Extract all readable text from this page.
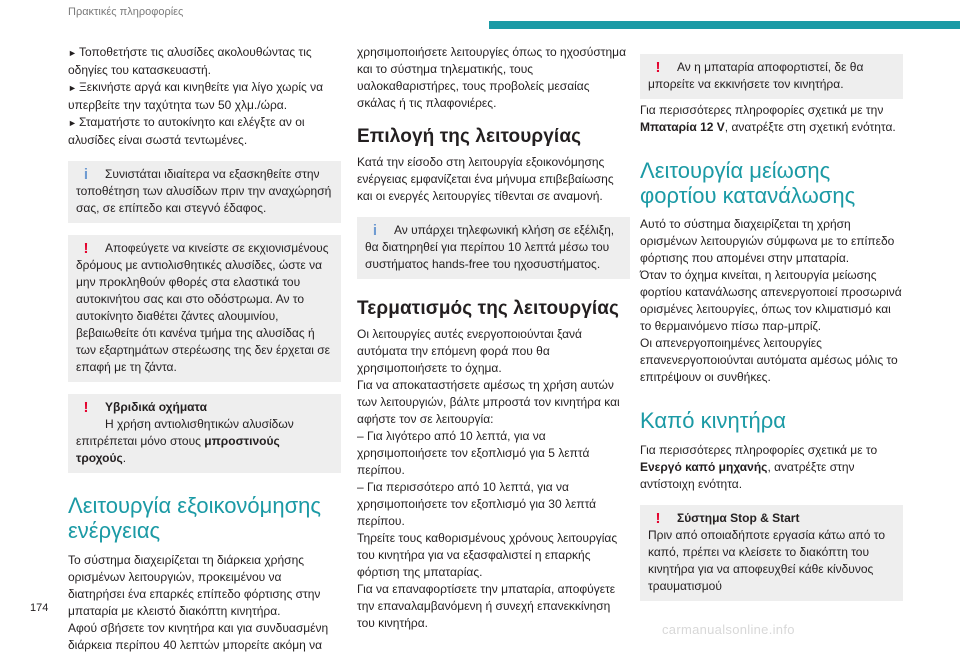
Πρακτικές πληροφορίες

► Τοποθετήστε τις αλυσίδες ακολουθώντας τις οδηγίες του κατασκευαστή.

► Ξεκινήστε αργά και κινηθείτε για λίγο χωρίς να υπερβείτε την ταχύτητα των 50 χλμ./ώρα.

► Σταματήστε το αυτοκίνητο και ελέγξτε αν οι αλυσίδες είναι σωστά τεντωμένες.

i	Συνιστάται ιδιαίτερα να εξασκηθείτε στην τοποθέτηση των αλυσίδων πριν την αναχώρησή σας, σε επίπεδο και στεγνό έδαφος.

!	Αποφεύγετε να κινείστε σε εκχιονισμένους δρόμους με αντιολισθητικές αλυσίδες, ώστε να μην προκληθούν φθορές στα ελαστικά του αυτοκινήτου σας και στο οδόστρωμα. Αν το αυτοκίνητο διαθέτει ζάντες αλουμινίου, βεβαιωθείτε ότι κανένα τμήμα της αλυσίδας ή των εξαρτημάτων στερέωσης της δεν έρχεται σε επαφή με τη ζάντα.

!	Υβριδικά οχήματα

Η χρήση αντιολισθητικών αλυσίδων επιτρέπεται μόνο στους μπροστινούς τροχούς.

Λειτουργία εξοικονόμησης ενέργειας

Το σύστημα διαχειρίζεται τη διάρκεια χρήσης ορισμένων λειτουργιών, προκειμένου να διατηρήσει ένα επαρκές επίπεδο φόρτισης στην μπαταρία με κλειστό διακόπτη κινητήρα.

Αφού σβήσετε τον κινητήρα και για συνδυασμένη διάρκεια περίπου 40 λεπτών μπορείτε ακόμη να

χρησιμοποιήσετε λειτουργίες όπως το ηχοσύστημα και το σύστημα τηλεματικής, τους υαλοκαθαριστήρες, τους προβολείς μεσαίας σκάλας ή τις πλαφονιέρες.

Επιλογή της λειτουργίας

Κατά την είσοδο στη λειτουργία εξοικονόμησης ενέργειας εμφανίζεται ένα μήνυμα επιβεβαίωσης και οι ενεργές λειτουργίες τίθενται σε αναμονή.

i	Αν υπάρχει τηλεφωνική κλήση σε εξέλιξη, θα διατηρηθεί για περίπου 10 λεπτά μέσω του συστήματος hands-free του ηχοσυστήματος.

Τερματισμός της λειτουργίας

Οι λειτουργίες αυτές ενεργοποιούνται ξανά αυτόματα την επόμενη φορά που θα χρησιμοποιήσετε το όχημα.

Για να αποκαταστήσετε αμέσως τη χρήση αυτών των λειτουργιών, βάλτε μπροστά τον κινητήρα και αφήστε τον σε λειτουργία:

– Για λιγότερο από 10 λεπτά, για να χρησιμοποιήσετε τον εξοπλισμό για 5 λεπτά περίπου.

– Για περισσότερο από 10 λεπτά, για να χρησιμοποιήσετε τον εξοπλισμό για 30 λεπτά περίπου.

Τηρείτε τους καθορισμένους χρόνους λειτουργίας του κινητήρα για να εξασφαλιστεί η επαρκής φόρτιση της μπαταρίας.

Για να επαναφορτίσετε την μπαταρία, αποφύγετε την επαναλαμβανόμενη ή συνεχή επανεκκίνηση του κινητήρα.

!	Αν η μπαταρία αποφορτιστεί, δε θα μπορείτε να εκκινήσετε τον κινητήρα.

Για περισσότερες πληροφορίες σχετικά με την Μπαταρία 12 V, ανατρέξτε στη σχετική ενότητα.

Λειτουργία μείωσης φορτίου κατανάλωσης

Αυτό το σύστημα διαχειρίζεται τη χρήση ορισμένων λειτουργιών σύμφωνα με το επίπεδο φόρτισης που απομένει στην μπαταρία.

Όταν το όχημα κινείται, η λειτουργία μείωσης φορτίου κατανάλωσης απενεργοποιεί προσωρινά ορισμένες λειτουργίες, όπως τον κλιματισμό και το θερμαινόμενο πίσω παρ-μπρίζ.

Οι απενεργοποιημένες λειτουργίες επανενεργοποιούνται αυτόματα αμέσως μόλις το επιτρέψουν οι συνθήκες.

Καπό κινητήρα

Για περισσότερες πληροφορίες σχετικά με το Ενεργό καπό μηχανής, ανατρέξτε στην αντίστοιχη ενότητα.

!	Σύστημα Stop & Start

Πριν από οποιαδήποτε εργασία κάτω από το καπό, πρέπει να κλείσετε το διακόπτη του κινητήρα για να αποφευχθεί κάθε κίνδυνος τραυματισμού

174
carmanualsonline.info
